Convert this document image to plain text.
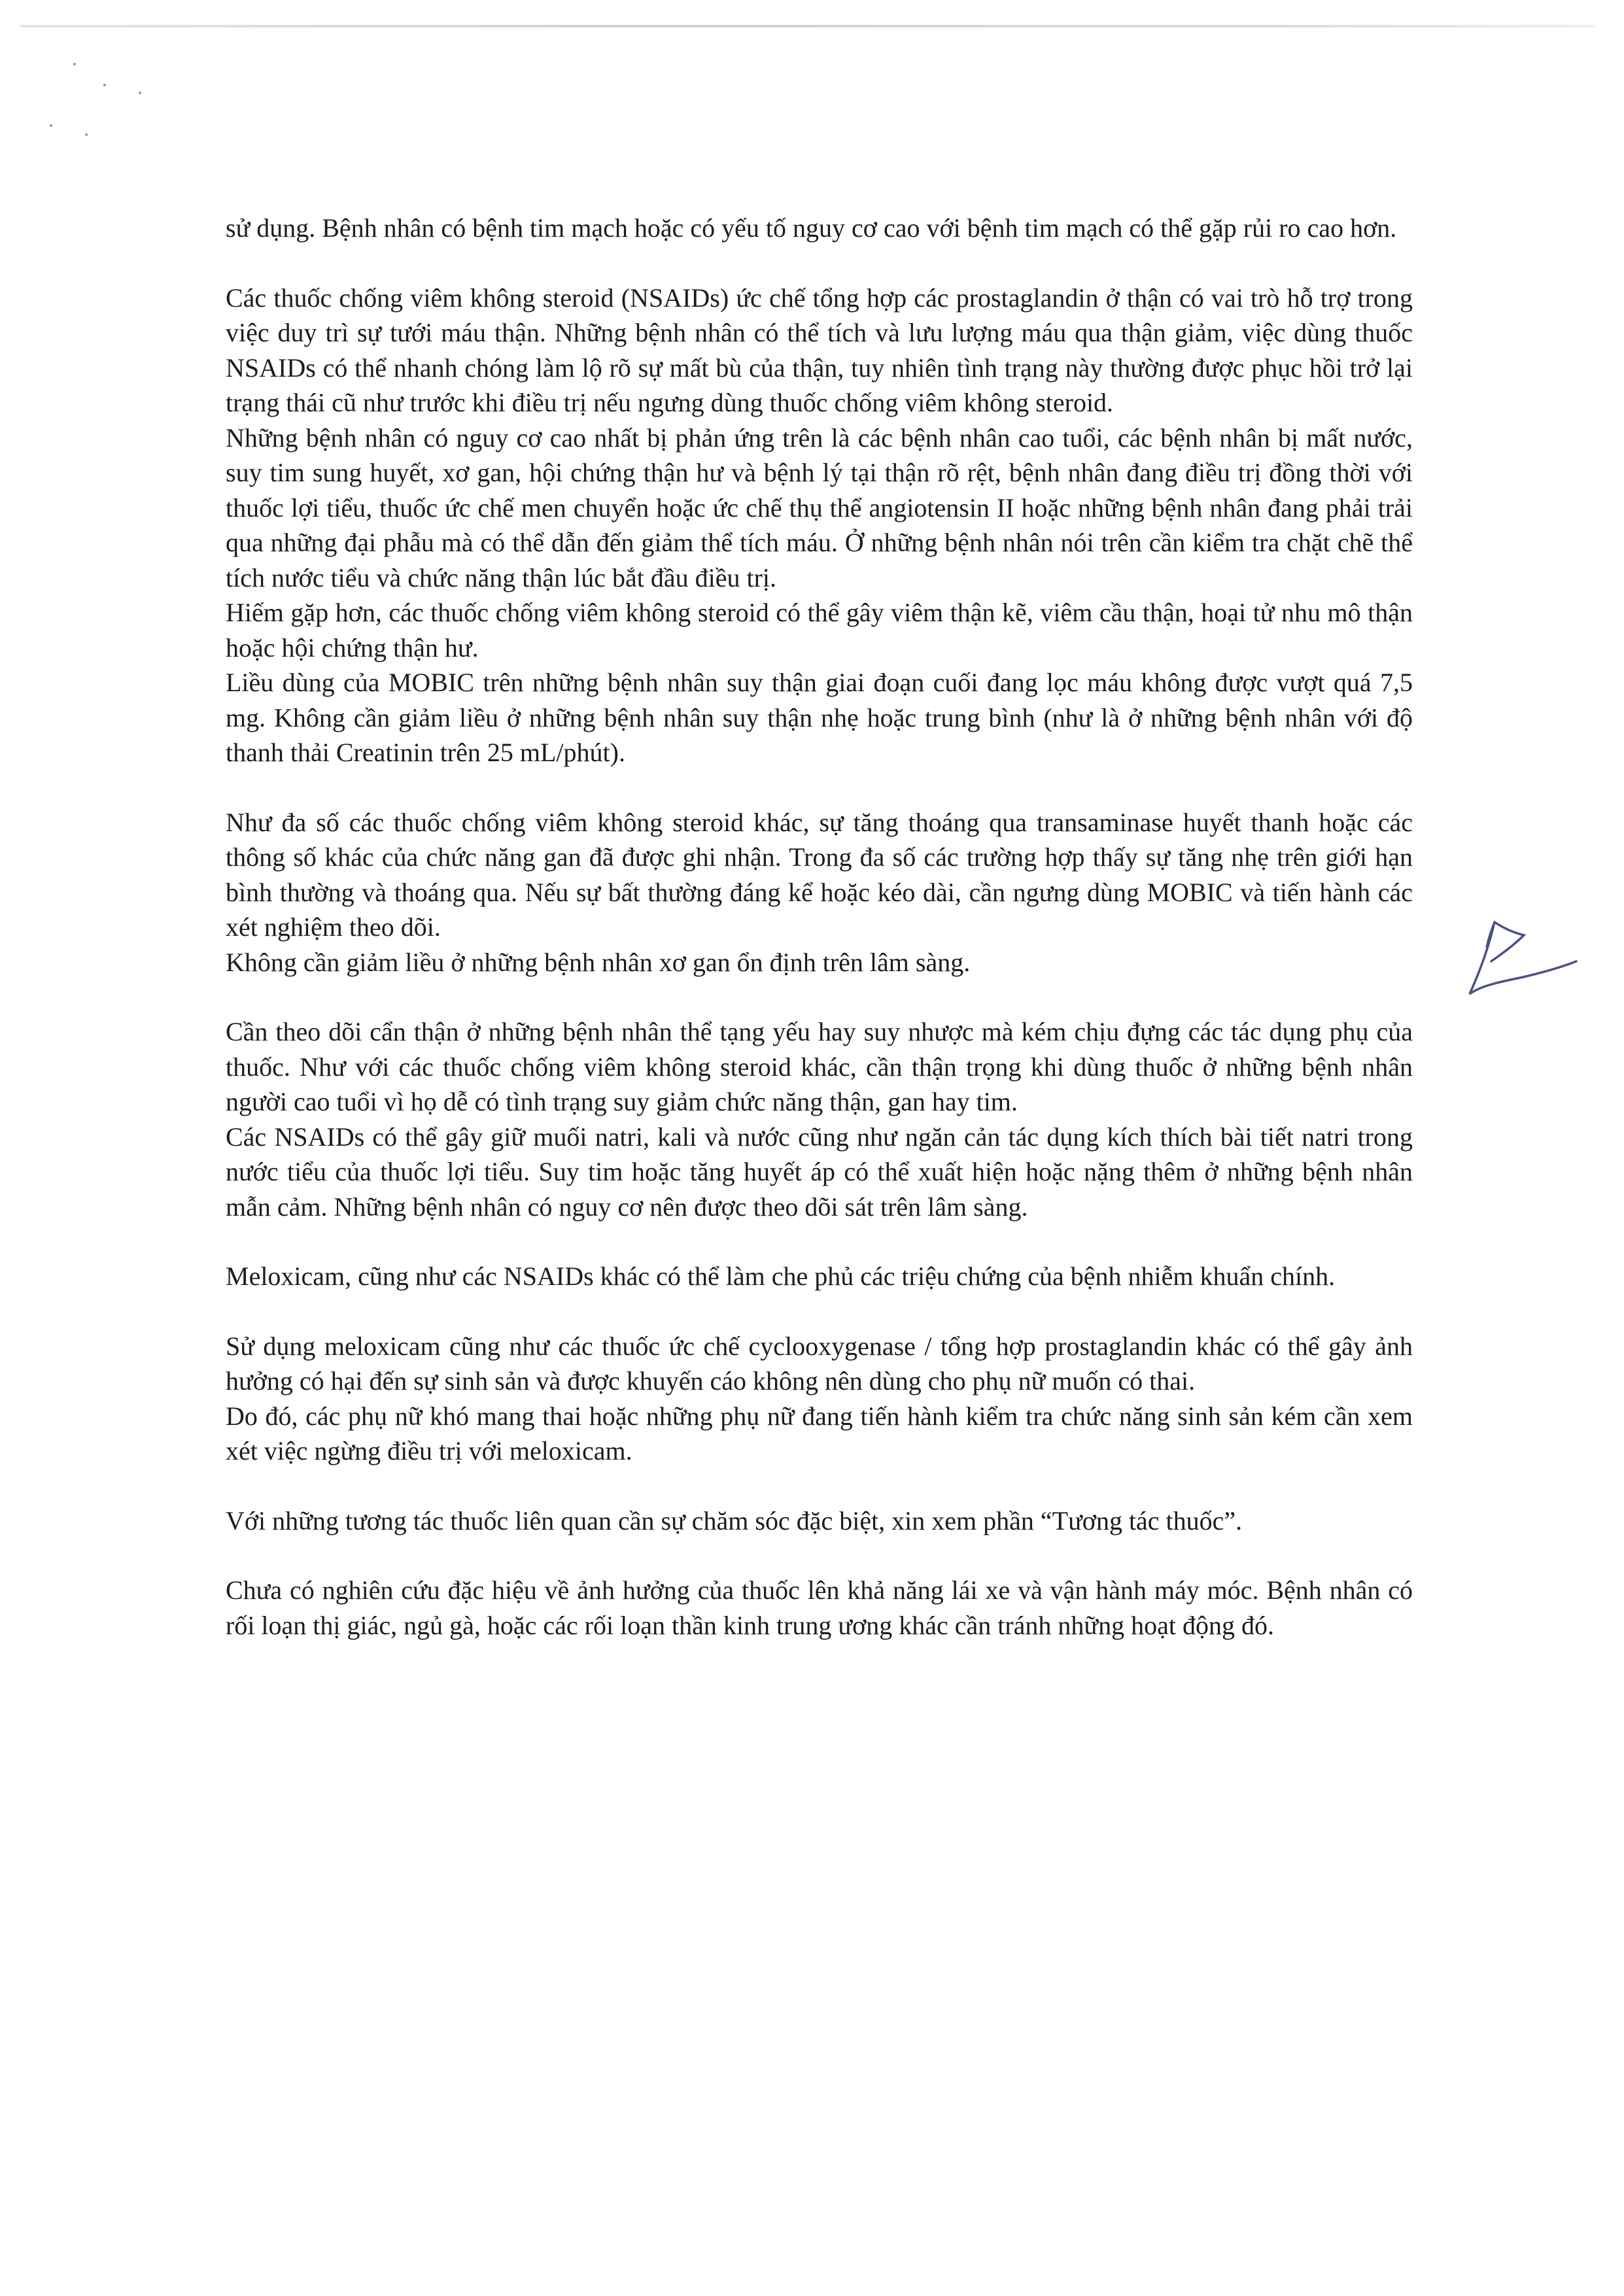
sử dụng. Bệnh nhân có bệnh tim mạch hoặc có yếu tố nguy cơ cao với bệnh tim mạch có thể gặp rủi ro cao hơn.

Các thuốc chống viêm không steroid (NSAIDs) ức chế tổng hợp các prostaglandin ở thận có vai trò hỗ trợ trong việc duy trì sự tưới máu thận. Những bệnh nhân có thể tích và lưu lượng máu qua thận giảm, việc dùng thuốc NSAIDs có thể nhanh chóng làm lộ rõ sự mất bù của thận, tuy nhiên tình trạng này thường được phục hồi trở lại trạng thái cũ như trước khi điều trị nếu ngưng dùng thuốc chống viêm không steroid.

Những bệnh nhân có nguy cơ cao nhất bị phản ứng trên là các bệnh nhân cao tuổi, các bệnh nhân bị mất nước, suy tim sung huyết, xơ gan, hội chứng thận hư và bệnh lý tại thận rõ rệt, bệnh nhân đang điều trị đồng thời với thuốc lợi tiểu, thuốc ức chế men chuyển hoặc ức chế thụ thể angiotensin II hoặc những bệnh nhân đang phải trải qua những đại phẫu mà có thể dẫn đến giảm thể tích máu. Ở những bệnh nhân nói trên cần kiểm tra chặt chẽ thể tích nước tiểu và chức năng thận lúc bắt đầu điều trị.

Hiếm gặp hơn, các thuốc chống viêm không steroid có thể gây viêm thận kẽ, viêm cầu thận, hoại tử nhu mô thận hoặc hội chứng thận hư.

Liều dùng của MOBIC trên những bệnh nhân suy thận giai đoạn cuối đang lọc máu không được vượt quá 7,5 mg. Không cần giảm liều ở những bệnh nhân suy thận nhẹ hoặc trung bình (như là ở những bệnh nhân với độ thanh thải Creatinin trên 25 mL/phút).

Như đa số các thuốc chống viêm không steroid khác, sự tăng thoáng qua transaminase huyết thanh hoặc các thông số khác của chức năng gan đã được ghi nhận. Trong đa số các trường hợp thấy sự tăng nhẹ trên giới hạn bình thường và thoáng qua. Nếu sự bất thường đáng kể hoặc kéo dài, cần ngưng dùng MOBIC và tiến hành các xét nghiệm theo dõi.

Không cần giảm liều ở những bệnh nhân xơ gan ổn định trên lâm sàng.

Cần theo dõi cẩn thận ở những bệnh nhân thể tạng yếu hay suy nhược mà kém chịu đựng các tác dụng phụ của thuốc. Như với các thuốc chống viêm không steroid khác, cần thận trọng khi dùng thuốc ở những bệnh nhân người cao tuổi vì họ dễ có tình trạng suy giảm chức năng thận, gan hay tim.

Các NSAIDs có thể gây giữ muối natri, kali và nước cũng như ngăn cản tác dụng kích thích bài tiết natri trong nước tiểu của thuốc lợi tiểu. Suy tim hoặc tăng huyết áp có thể xuất hiện hoặc nặng thêm ở những bệnh nhân mẫn cảm. Những bệnh nhân có nguy cơ nên được theo dõi sát trên lâm sàng.

Meloxicam, cũng như các NSAIDs khác có thể làm che phủ các triệu chứng của bệnh nhiễm khuẩn chính.

Sử dụng meloxicam cũng như các thuốc ức chế cyclooxygenase / tổng hợp prostaglandin khác có thể gây ảnh hưởng có hại đến sự sinh sản và được khuyến cáo không nên dùng cho phụ nữ muốn có thai.

Do đó, các phụ nữ khó mang thai hoặc những phụ nữ đang tiến hành kiểm tra chức năng sinh sản kém cần xem xét việc ngừng điều trị với meloxicam.

Với những tương tác thuốc liên quan cần sự chăm sóc đặc biệt, xin xem phần “Tương tác thuốc”.

Chưa có nghiên cứu đặc hiệu về ảnh hưởng của thuốc lên khả năng lái xe và vận hành máy móc. Bệnh nhân có rối loạn thị giác, ngủ gà, hoặc các rối loạn thần kinh trung ương khác cần tránh những hoạt động đó.
